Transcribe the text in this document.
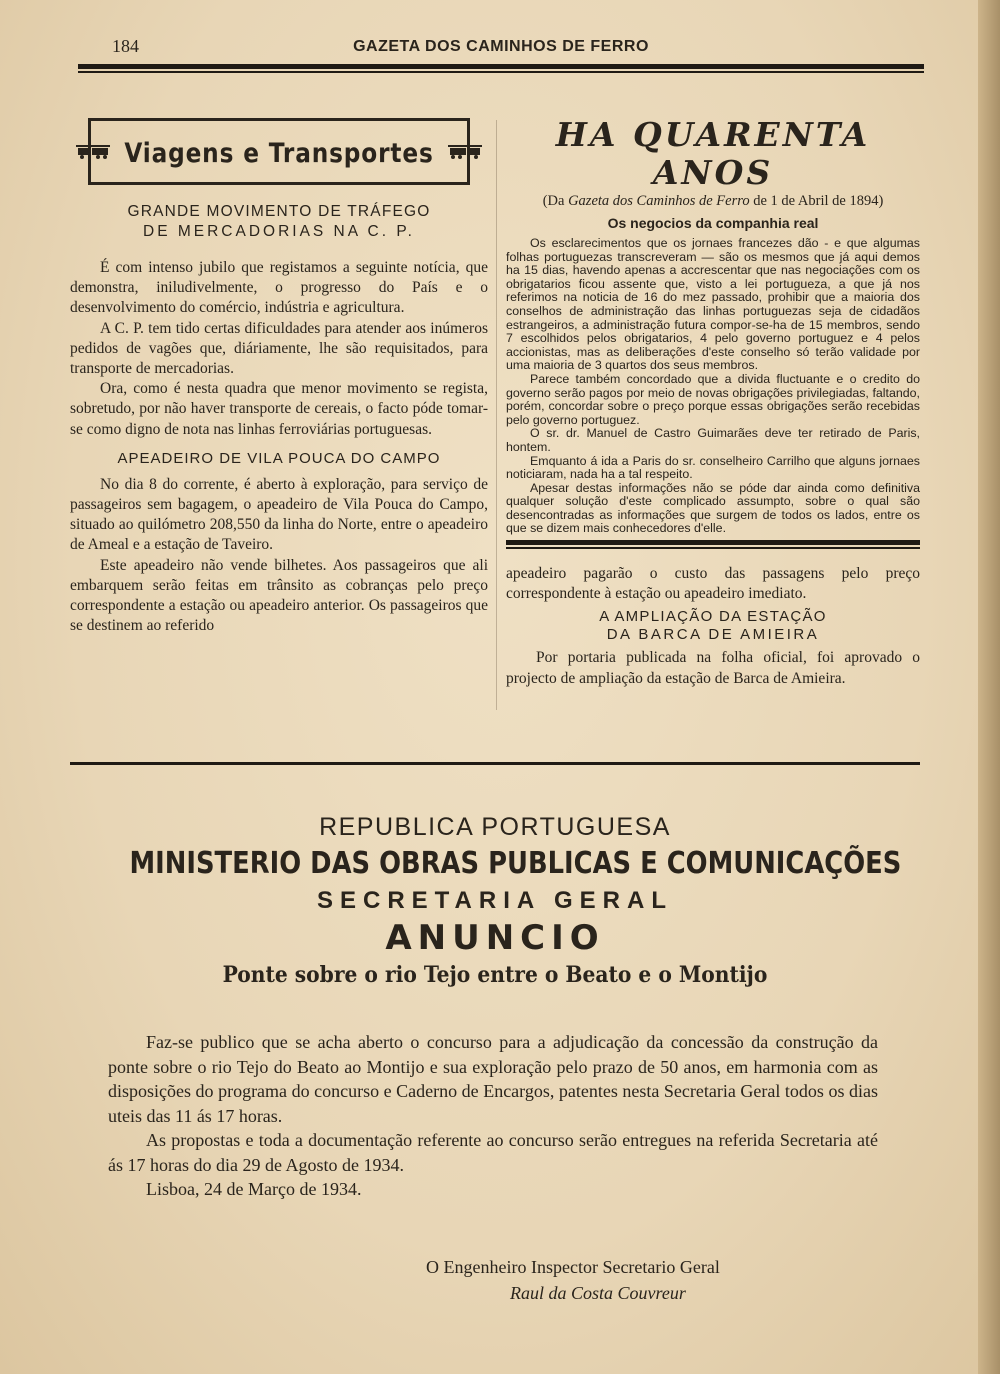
184	GAZETA DOS CAMINHOS DE FERRO
Viagens e Transportes
GRANDE MOVIMENTO DE TRÁFEGO
DE MERCADORIAS NA C. P.

É com intenso jubilo que registamos a seguinte notícia, que demonstra, iniludivelmente, o progresso do País e o desenvolvimento do comércio, indústria e agricultura.

A C. P. tem tido certas dificuldades para atender aos inúmeros pedidos de vagões que, diáriamente, lhe são requisitados, para transporte de mercadorias.

Ora, como é nesta quadra que menor movimento se regista, sobretudo, por não haver transporte de cereais, o facto póde tomar-se como digno de nota nas linhas ferroviárias portuguesas.

APEADEIRO DE VILA POUCA DO CAMPO

No dia 8 do corrente, é aberto à exploração, para serviço de passageiros sem bagagem, o apeadeiro de Vila Pouca do Campo, situado ao quilómetro 208,550 da linha do Norte, entre o apeadeiro de Ameal e a estação de Taveiro.

Este apeadeiro não vende bilhetes. Aos passageiros que ali embarquem serão feitas em trânsito as cobranças pelo preço correspondente a estação ou apeadeiro anterior. Os passageiros que se destinem ao referido

HA QUARENTA ANOS
(Da Gazeta dos Caminhos de Ferro de 1 de Abril de 1894)
Os negocios da companhia real

Os esclarecimentos que os jornaes francezes dão - e que algumas folhas portuguezas transcreveram — são os mesmos que já aqui demos ha 15 dias, havendo apenas a accrescentar que nas negociações com os obrigatarios ficou assente que, visto a lei portugueza, a que já nos referimos na noticia de 16 do mez passado, prohibir que a maioria dos conselhos de administração das linhas portuguezas seja de cidadãos estrangeiros, a administração futura compor-se-ha de 15 membros, sendo 7 escolhidos pelos obrigatarios, 4 pelo governo portuguez e 4 pelos accionistas, mas as deliberações d'este conselho só terão validade por uma maioria de 3 quartos dos seus membros.

Parece também concordado que a divida fluctuante e o credito do governo serão pagos por meio de novas obrigações privilegiadas, faltando, porém, concordar sobre o preço porque essas obrigações serão recebidas pelo governo portuguez.

O sr. dr. Manuel de Castro Guimarães deve ter retirado de Paris, hontem.

Emquanto á ida a Paris do sr. conselheiro Carrilho que alguns jornaes noticiaram, nada ha a tal respeito.

Apesar destas informações não se póde dar ainda como definitiva qualquer solução d'este complicado assumpto, sobre o qual são desencontradas as informações que surgem de todos os lados, entre os que se dizem mais conhecedores d'elle.

apeadeiro pagarão o custo das passagens pelo preço correspondente à estação ou apeadeiro imediato.

A AMPLIAÇÃO DA ESTAÇÃO
DA BARCA DE AMIEIRA

Por portaria publicada na folha oficial, foi aprovado o projecto de ampliação da estação de Barca de Amieira.

REPUBLICA PORTUGUESA
MINISTERIO DAS OBRAS PUBLICAS E COMUNICAÇÕES
SECRETARIA GERAL
ANUNCIO
Ponte sobre o rio Tejo entre o Beato e o Montijo

Faz-se publico que se acha aberto o concurso para a adjudicação da concessão da construção da ponte sobre o rio Tejo do Beato ao Montijo e sua exploração pelo prazo de 50 anos, em harmonia com as disposições do programa do concurso e Caderno de Encargos, patentes nesta Secretaria Geral todos os dias uteis das 11 ás 17 horas.

As propostas e toda a documentação referente ao concurso serão entregues na referida Secretaria até ás 17 horas do dia 29 de Agosto de 1934.

Lisboa, 24 de Março de 1934.

O Engenheiro Inspector Secretario Geral
Raul da Costa Couvreur
